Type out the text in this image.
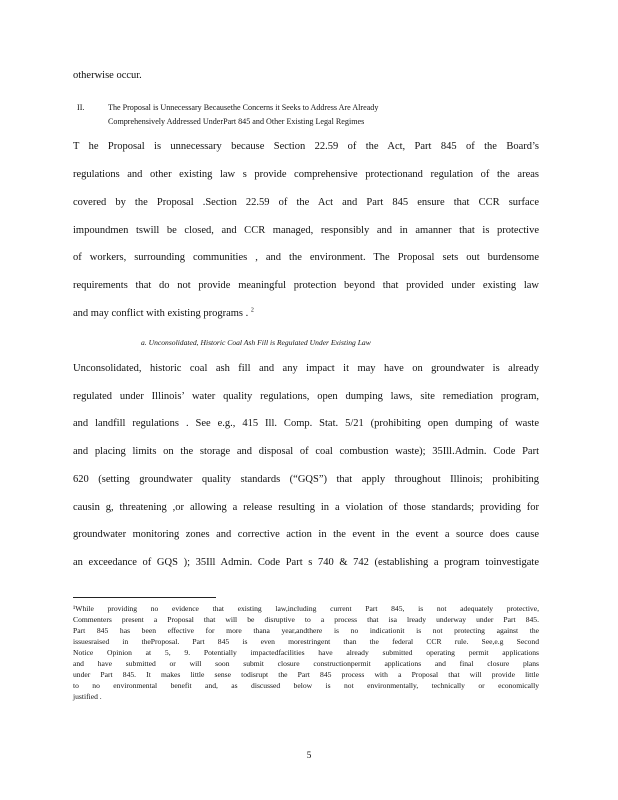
otherwise occur.
II.	The Proposal is Unnecessary Becausethe Concerns it Seeks to Address Are Already
Comprehensively Addressed UnderPart 845 and Other Existing Legal Regimes
T he Proposal is unnecessary because Section 22.59 of the Act, Part 845 of the Board’s
regulations and other existing law s provide comprehensive protectionand regulation of the areas
covered by the Proposal .Section 22.59 of the Act and Part 845 ensure that CCR surface
impoundmen tswill be closed, and CCR managed, responsibly and in amanner that is protective
of workers, surrounding communities , and the environment. The Proposal sets out burdensome
requirements that do not provide meaningful protection beyond that provided under existing law
and may conflict with existing programs . $^2$
a. Unconsolidated, Historic Coal Ash Fill is Regulated Under Existing Law
Unconsolidated, historic coal ash fill and any impact it may have on groundwater is already
regulated under Illinois’ water quality regulations, open dumping laws, site remediation program,
and landfill regulations . See e.g., 415 Ill. Comp. Stat. 5/21 (prohibiting open dumping of waste
and placing limits on the storage and disposal of coal combustion waste); 35Ill.Admin. Code Part
620 (setting groundwater quality standards (“GQS”) that apply throughout Illinois; prohibiting
causin g, threatening ,or allowing a release resulting in a violation of those standards; providing for
groundwater monitoring zones and corrective action in the event in the event a source does cause
an exceedance of GQS ); 35Ill Admin. Code Part s 740 & 742 (establishing a program toinvestigate
¹While providing no evidence that existing law,including current Part 845, is not adequately protective,
Commenters present a Proposal that will be disruptive to a process that isa lready underway under Part 845.
Part 845 has been effective for more thana year,andthere is no indicationit is not protecting against the
issuesraised in theProposal. Part 845 is even morestringent than the federal CCR rule. See,e.g Second
Notice Opinion at 5, 9. Potentially impactedfacilities have already submitted operating permit applications
and have submitted or will soon submit closure constructionpermit applications and final closure plans
under Part 845. It makes little sense todisrupt the Part 845 process with a Proposal that will provide little
to no environmental benefit and, as discussed below is not environmentally, technically or economically
justified .
5
